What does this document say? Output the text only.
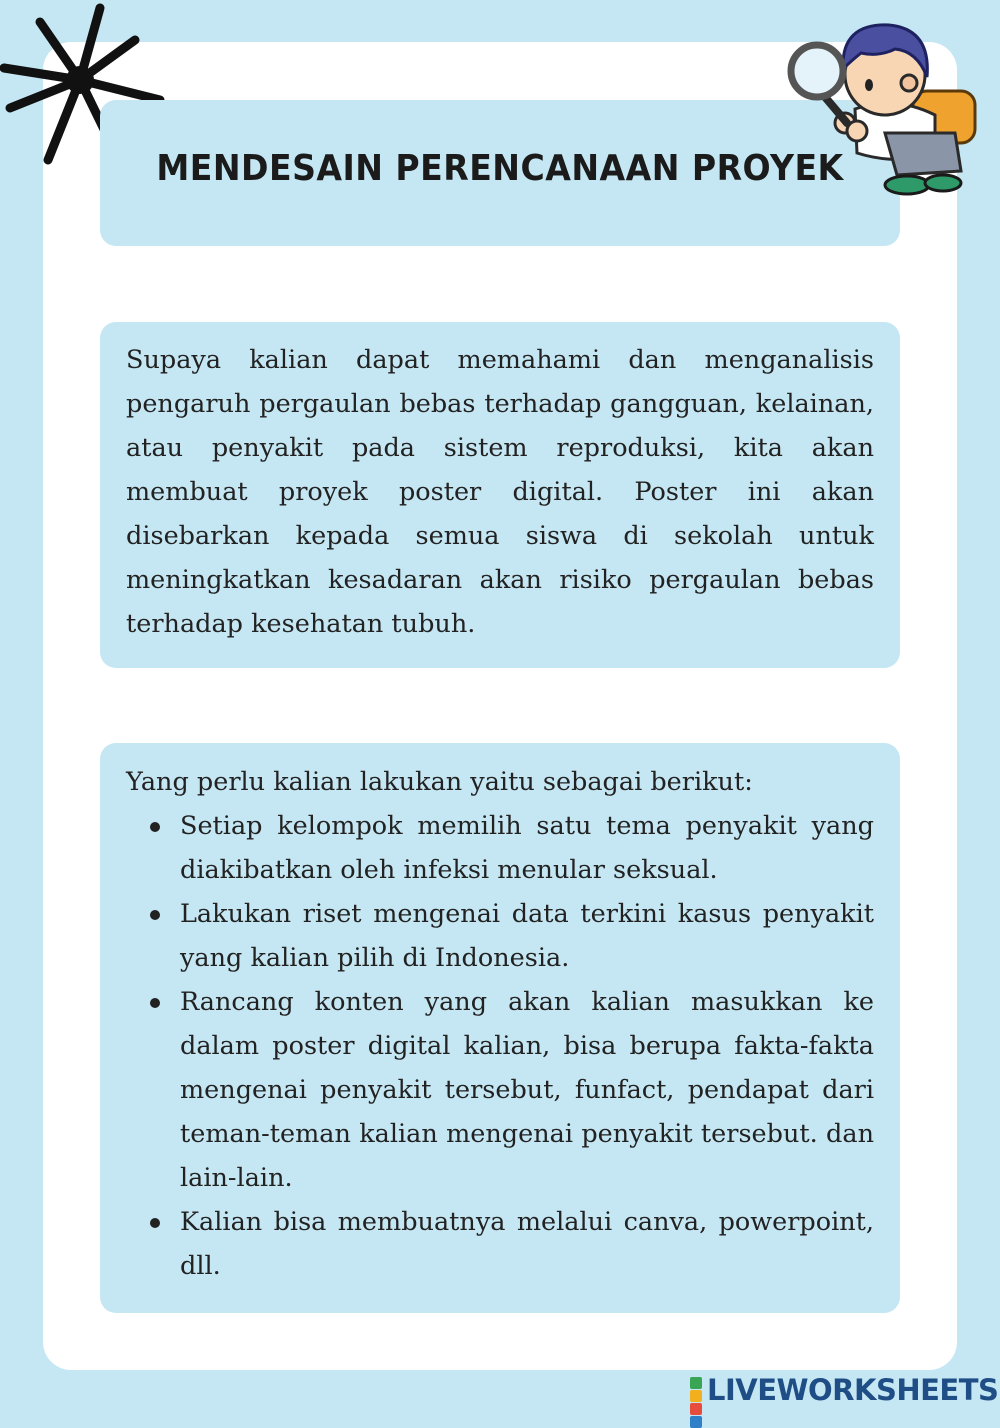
MENDESAIN PERENCANAAN PROYEK

Supaya kalian dapat memahami dan menganalisis pengaruh pergaulan bebas terhadap gangguan, kelainan, atau penyakit pada sistem reproduksi, kita akan membuat proyek poster digital. Poster ini akan disebarkan kepada semua siswa di sekolah untuk meningkatkan kesadaran akan risiko pergaulan bebas terhadap kesehatan tubuh.

Yang perlu kalian lakukan yaitu sebagai berikut:

Setiap kelompok memilih satu tema penyakit yang diakibatkan oleh infeksi menular seksual.
Lakukan riset mengenai data terkini kasus penyakit yang kalian pilih di Indonesia.
Rancang konten yang akan kalian masukkan ke dalam poster digital kalian, bisa berupa fakta-fakta mengenai penyakit tersebut, funfact, pendapat dari teman-teman kalian mengenai penyakit tersebut. dan lain-lain.
Kalian bisa membuatnya melalui canva, powerpoint, dll.
LIVEWORKSHEETS
